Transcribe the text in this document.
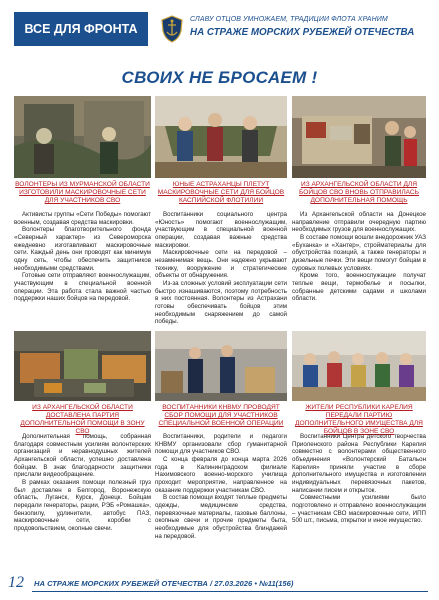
ВСЕ ДЛЯ ФРОНТА
СЛАВУ ОТЦОВ УМНОЖАЕМ, ТРАДИЦИИ ФЛОТА ХРАНИМ
НА СТРАЖЕ МОРСКИХ РУБЕЖЕЙ ОТЕЧЕСТВА
СВОИХ НЕ БРОСАЕМ !
ВОЛОНТЕРЫ ИЗ МУРМАНСКОЙ ОБЛАСТИ ИЗГОТОВИЛИ МАСКИРОВОЧНЫЕ СЕТИ ДЛЯ УЧАСТНИКОВ СВО
ЮНЫЕ АСТРАХАНЦЫ ПЛЕТУТ МАСКИРОВОЧНЫЕ СЕТИ ДЛЯ БОЙЦОВ КАСПИЙСКОЙ ФЛОТИЛИИ
ИЗ АРХАНГЕЛЬСКОЙ ОБЛАСТИ ДЛЯ БОЙЦОВ СВО ВНОВЬ ОТПРАВИЛАСЬ ДОПОЛНИТЕЛЬНАЯ ПОМОЩЬ

Активисты группы «Сети Победы» помогают военным, создавая средства маскировки.

Волонтеры благотворительного фонда «Северный характер» из Североморска ежедневно изготавливают маскировочные сети. Каждый день они проводят как минимум одну сеть, чтобы обеспечить защитников необходимыми средствами.

Готовые сети отправляют военнослужащим, участвующим в специальной военной операции. Эта работа стала важной частью поддержки наших бойцов на передовой.

Воспитанники социального центра «Юность» помогают военнослужащим, участвующим в специальной военной операции, создавая важные средства маскировки.

Маскировочные сети на передовой – незаменимая вещь. Они надежно укрывают технику, вооружение и стратегические объекты от обнаружения.

Из-за сложных условий эксплуатации сети быстро изнашиваются, поэтому потребность в них постоянная. Волонтеры из Астрахани готовы обеспечивать бойцов этим необходимым снаряжением до самой победы.

Из Архангельской области на Донецкое направление отправили очередную партию необходимых грузов для военнослужащих.

В составе помощи вошли внедорожник УАЗ «Буханка» и «Хантер», стройматериалы для обустройства позиций, а также генераторы и дизельные печки. Эти вещи помогут бойцам в суровых полевых условиях.

Кроме того, военнослужащие получат теплые вещи, термобелье и посылки, собранные детскими садами и школами области.

ИЗ АРХАНГЕЛЬСКОЙ ОБЛАСТИ ДОСТАВЛЕНА ПАРТИЯ ДОПОЛНИТЕЛЬНОЙ ПОМОЩИ В ЗОНУ СВО
ВОСПИТАННИКИ КНВМУ ПРОВОДЯТ СБОР ПОМОЩИ ДЛЯ УЧАСТНИКОВ СПЕЦИАЛЬНОЙ ВОЕННОЙ ОПЕРАЦИИ
ЖИТЕЛИ РЕСПУБЛИКИ КАРЕЛИЯ ПЕРЕДАЛИ ПАРТИЮ ДОПОЛНИТЕЛЬНОГО ИМУЩЕСТВА ДЛЯ БОЙЦОВ В ЗОНЕ СВО

Дополнительная помощь, собранная благодаря совместным усилиям волонтерских организаций и неравнодушных жителей Архангельской области, успешно доставлена бойцам. В знак благодарности защитники прислали видеообращение.

В рамках оказания помощи полезный груз был доставлен в Белгород, Воронежскую область, Луганск, Курск, Донецк. Бойцам передали генераторы, рации, РЭБ «Ромашка», бензопилу, удлинители, автобус ПАЗ, маскировочные сети, коробки с продовольствием, окопные свечи.

Воспитанники, родители и педагоги КНВМУ организовали сбор гуманитарной помощи для участников СВО.

С конца февраля до конца марта 2026 года в Калининградском филиале Нахимовского военно-морского училища проходит мероприятие, направленное на оказание поддержки участникам СВО.

В состав помощи входят теплые предметы одежды, медицинские средства, перевязочные материалы, газовые баллоны, окопные свечи и прочие предметы быта, необходимые для обустройства блиндажей на передовой.

Воспитанники Центра детского творчества Приоленского района Республики Карелия совместно с волонтерами общественного объединения «Волонтерский Батальон Карелия» приняли участие в сборе дополнительного имущества и изготовлении индивидуальных перевязочных пакетов, написании писем и открыток.

Совместными усилиями было подготовлено и отправлено военнослужащим – участникам СВО маскировочные сети, ИПП 500 шт., письма, открытки и иное имущество.

12 НА СТРАЖЕ МОРСКИХ РУБЕЖЕЙ ОТЕЧЕСТВА / 27.03.2026 • №11(156)
